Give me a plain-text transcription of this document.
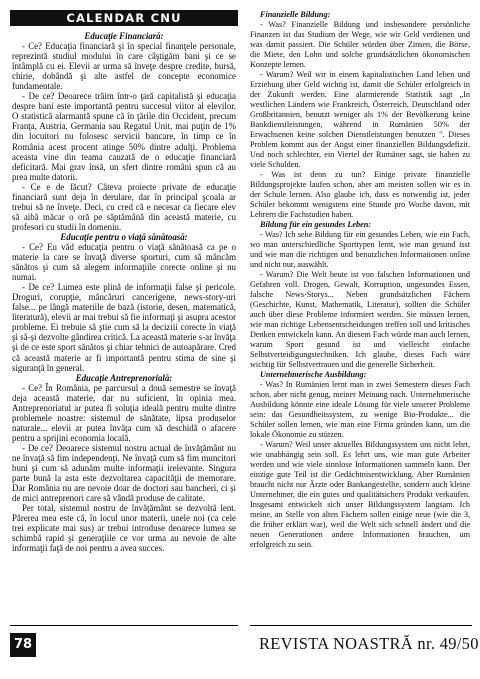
CALENDAR CNU
Educaţie Financiară:

- Ce? Educaţia financiară şi în special finanţele personale, reprezintă studiul modului în care câştigăm bani şi ce se întâmplă cu ei. Elevii ar urma să înveţe despre credite, bursă, chirie, dobândă şi alte astfel de concepte economice fundamentale.

- De ce? Deoarece trăim într-o ţară capitalistă şi educaţia despre bani este importantă pentru succesul viitor al elevilor. O statistică alarmantă spune că în ţările din Occident, precum Franţa, Austria, Germania sau Regatul Unit, mai puţin de 1% din locuitori nu folosesc servicii bancare, în timp ce în România acest procent atinge 50% dintre adulţi. Problema aceasta vine din teama cauzată de o educaţie financiară deficitară. Mai grav însă, un sfert dintre români spun că au prea multe datorii.

- Ce e de făcut? Câteva proiecte private de educaţie financiară sunt deja în derulare, dar în principal şcoala ar trebui să ne înveţe. Deci, cu cred că e necesar ca fiecare elev să aibă măcar o oră pe săptămână din această materie, cu profesori cu studii în domeniu.

Educaţie pentru o viaţă sănătoasă:

- Ce? Eu văd educaţia pentru o viaţă sănătoasă ca pe o materie la care se învaţă diverse sporturi, cum să mâncăm sănătos şi cum să alegem informaţiile corecte online şi nu numai.

- De ce? Lumea este plină de informaţii false şi pericole. Droguri, corupţie, mâncăruri cancerigene, news-story-uri false... pe lângă materiile de bază (istorie, desen, matematică, literatură), elevii ar mai trebui să fie informaţi şi asupra acestor probleme. Ei trebuie să ştie cum să la deciziii corecte în viaţă şi să-şi dezvolte gândirea critică. La această materie s-ar învăţa şi de ce este sport sănătos şi chiar tehnici de autoapărare. Cred că această materie ar fi importantă pentru stima de sine şi siguranţă în general.

Educaţie Antreprenorială:

- Ce? În România, pe parcursul a două semestre se învaţă deja această materie, dar nu suficient, în opinia mea. Antreprenoriatul ar putea fi soluţia ideală pentru multe dintre problemele noastre: sistemul de sănătate, lipsa produselor naturale... elevii ar putea învăţa cum să deschidă o afacere pentru a sprijini economia locală.

- De ce? Deoarece sistemul nostru actual de învăţământ nu ne învaţă să fim independenţi. Ne învaţă cum să fim muncitori buni şi cum să adunăm multe informaţii irelevante. Singura parte bună la asta este dezvoltarea capacităţii de memorare. Dar România nu are nevoie doar de doctori sau bancheri, ci şi de mici antreprenori care să vândă produse de calitate.

Per total, sistemul nostru de învăţământ se dezvoltă lent. Părerea mea este că, în locul unor materii, unele noi (ca cele trei explicate mai sus) ar trebui introduse deoarece lumea se schimbă rapid şi generaţiile ce vor urma au nevoie de alte informaţii faţă de noi pentru a avea succes.

Finanzielle Bildung:

- Was? Finanzielle Bildung und insbesondere persönliche Finanzen ist das Studium der Wege, wie wir Geld verdienen und was damit passiert. Die Schüler würden über Zinsen, die Börse, die Miete, den Lohn und solche grundsätzlichen ökonomischen Konzepte lernen.

- Warum? Weil wir in einem kapitalistischen Land leben und Erziehung über Geld wichtig ist, damit die Schüler erfolgreich in der Zukunft werden. Eine alarmierende Statistik sagt „In westlichen Ländern wie Frankreich, Österreich, Deutschland oder Großbritannien, benutzt weniger als 1% der Bevölkerung keine Bankdienstleistungen, während in Rumänien 50% der Erwachsenen keine solchen Dienstleistungen benutzen ". Dieses Problem kommt aus der Angst einer finanziellen Bildungsdefizit. Und noch schlechter, ein Viertel der Rumäner sagt, sie haben zu viele Schulden.

- Was ist denn zu tun? Einige private finanzielle Bildungsprojekte laufen schon, aber am meisten sollen wir es in der Schule lernen. Also glaube ich, dass es notwendig ist, jeder Schüler bekommt wenigstens eine Stunde pro Woche davon, mit Lehrern die Fachstudien haben.

Bildung für ein gesundes Leben:

- Was? Ich sehe Bildung für ein gesundes Leben, wie ein Fach, wo man unterschiedliche Sporttypen lernt, wie man gesund isst und wie man die richtigen und benutzlichen Informationen online und nicht nur, auswählt.

- Warum? Die Welt heute ist von falschen Informationen und Gefahren voll. Drogen, Gewalt, Korruption, ungesundes Essen, falsche News-Storys... Neben grundsätzlichen Fächern (Geschichte, Kunst, Mathematik, Literatur), sollten die Schüler auch über diese Probleme informiert werden. Sie müssen lernen, wie man richtige Lebensentscheidungen treffen soll und kritisches Denken entwickeln kann. An diesem Fach würde man auch lernen, warum Sport gesund ist und vielleicht einfache Selbstverteidigungstechniken. Ich glaube, dieses Fach wäre wichtig für Selbstvertrauen und die generelle Sicherheit.

Unternehmerische Ausbildung:

- Was? In Rumänien lernt man in zwei Semestern dieses Fach schon, aber nicht genug, meiner Meinung nach. Unternehmerische Ausbildung könnte eine ideale Lösung für viele unserer Probleme sein: das Gesundheitssystem, zu wenige Bio-Produkte... die Schüler sollen lernen, wie man eine Firma gründen kann, um die lokale Ökonomie zu stützen.

- Warum? Weil unser aktuelles Bildungssystem uns nicht lehrt, wie unabhängig sein soll. Es lehrt uns, wie man gute Arbeiter werden und wie viele sinnlose Informationen sammeln kann. Der einzige gute Teil ist die Gedächtnisentwicklung. Aber Rumänien braucht nicht nur Ärzte oder Bankangestellte, sondern auch kleine Unternehmer, die ein gutes und qualitätsichers Produkt verkaufen. Insgesamt entwickelt sich unser Bildungssystem langsam. Ich meine, an Stelle von alten Fächern sollen einige neue (wie die 3, die früher erklärt war), weil die Welt sich schnell ändert und die neuen Generationen andere Informationen brauchen, um erfolgreich zu sein.

78	REVISTA NOASTRĂ nr. 49/50
